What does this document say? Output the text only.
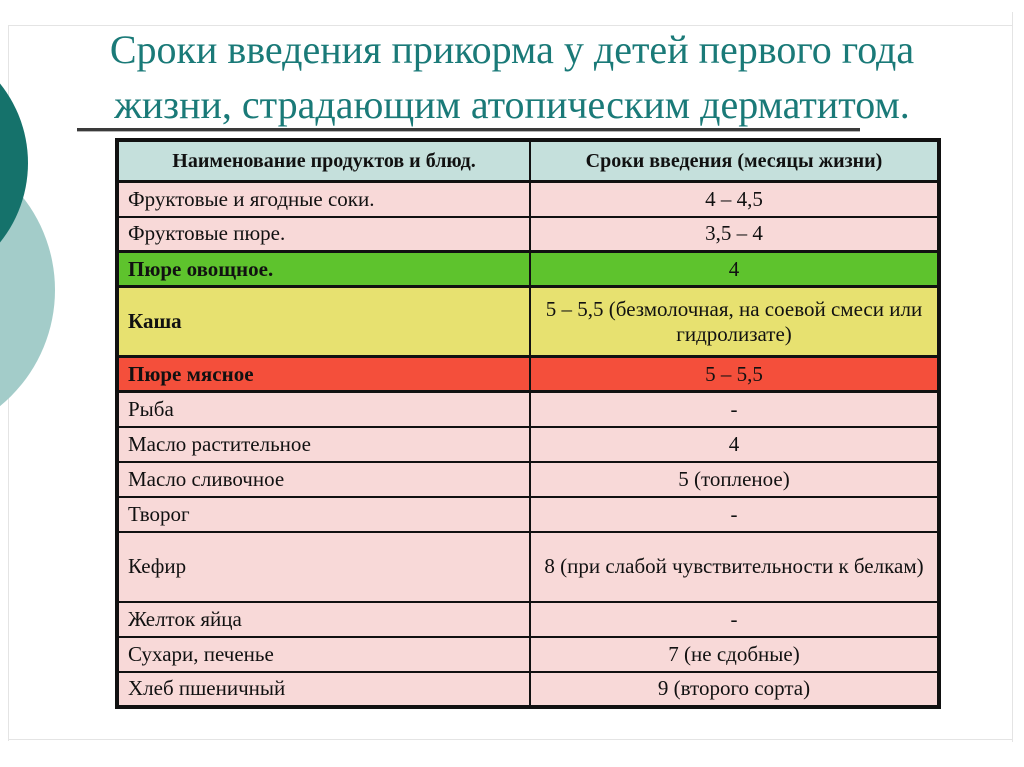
Сроки введения прикорма у детей первого года
жизни, страдающим атопическим дерматитом.
Наименование продуктов и блюд.	Сроки введения (месяцы жизни)
Фруктовые и ягодные соки.	4 – 4,5
Фруктовые пюре.	3,5 – 4
Пюре овощное.	4
Каша	5 – 5,5 (безмолочная, на соевой смеси или гидролизате)
Пюре мясное	5 – 5,5
Рыба	-
Масло растительное	4
Масло сливочное	5 (топленое)
Творог	-
Кефир	8 (при слабой чувствительности к белкам)
Желток яйца	-
Сухари, печенье	7 (не сдобные)
Хлеб пшеничный	9 (второго сорта)
